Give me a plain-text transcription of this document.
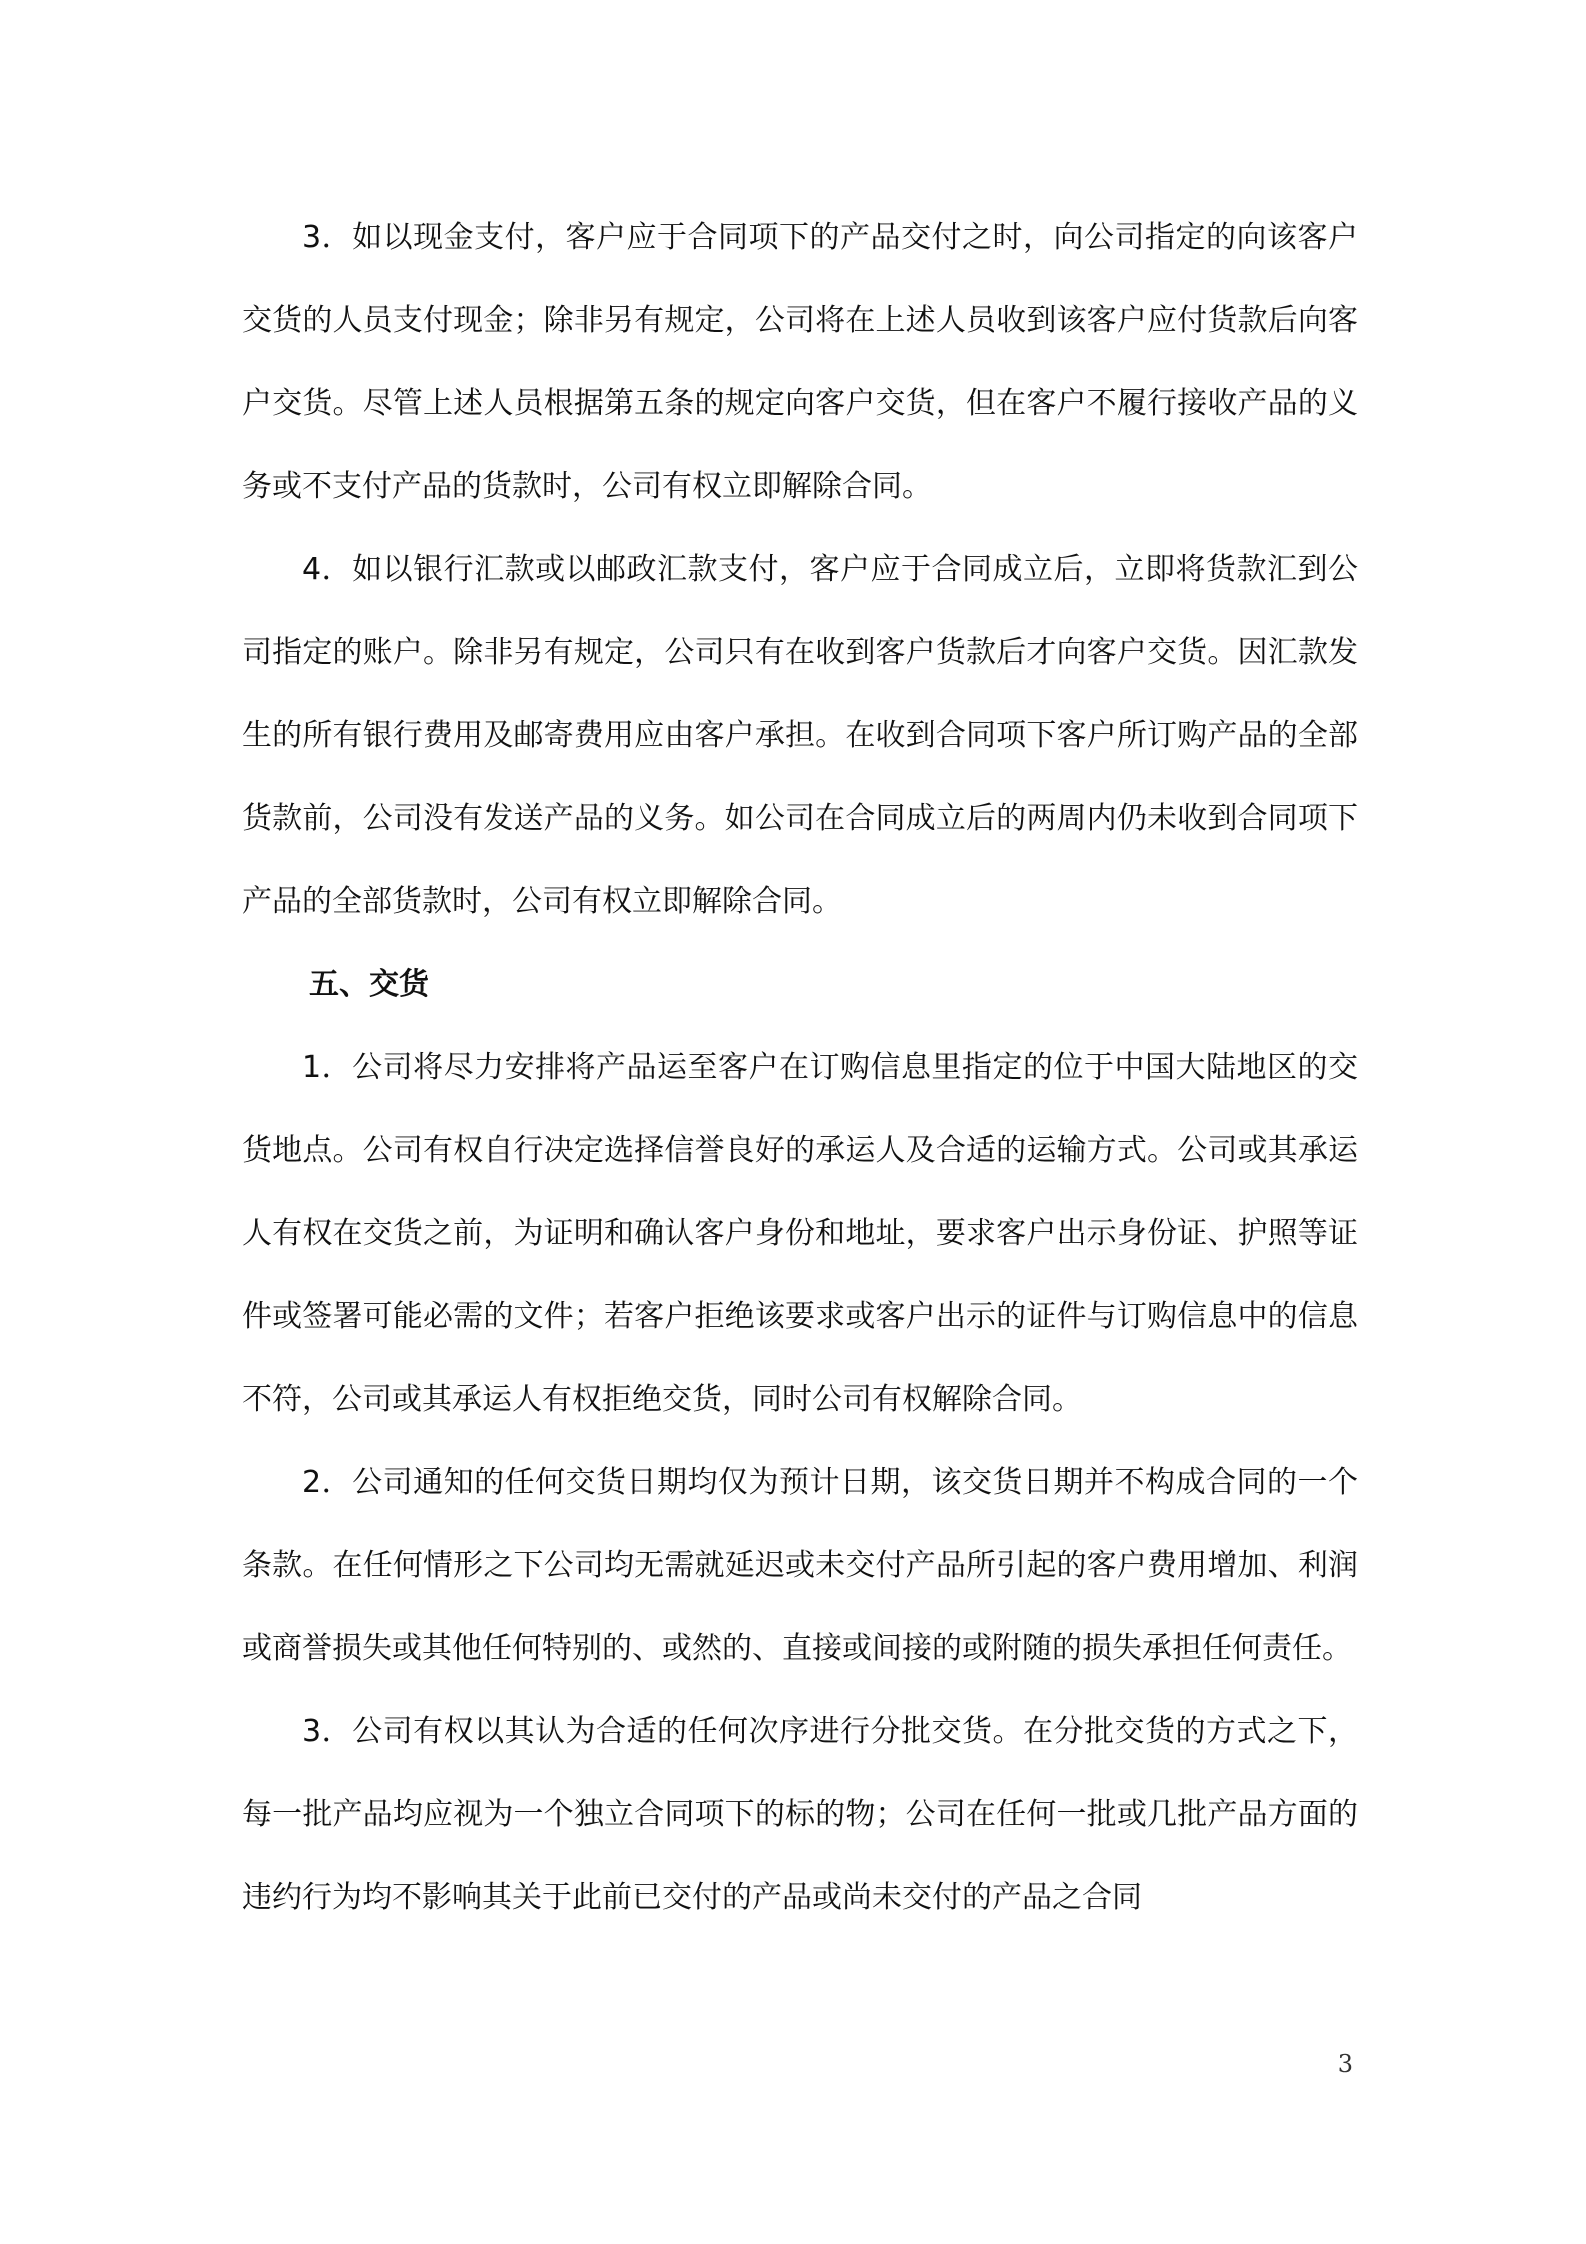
3．如以现金支付，客户应于合同项下的产品交付之时，向公司指定的向该客户交货的人员支付现金；除非另有规定，公司将在上述人员收到该客户应付货款后向客户交货。尽管上述人员根据第五条的规定向客户交货，但在客户不履行接收产品的义务或不支付产品的货款时，公司有权立即解除合同。

4．如以银行汇款或以邮政汇款支付，客户应于合同成立后，立即将货款汇到公司指定的账户。除非另有规定，公司只有在收到客户货款后才向客户交货。因汇款发生的所有银行费用及邮寄费用应由客户承担。在收到合同项下客户所订购产品的全部货款前，公司没有发送产品的义务。如公司在合同成立后的两周内仍未收到合同项下产品的全部货款时，公司有权立即解除合同。

五、交货

1．公司将尽力安排将产品运至客户在订购信息里指定的位于中国大陆地区的交货地点。公司有权自行决定选择信誉良好的承运人及合适的运输方式。公司或其承运人有权在交货之前，为证明和确认客户身份和地址，要求客户出示身份证、护照等证件或签署可能必需的文件；若客户拒绝该要求或客户出示的证件与订购信息中的信息不符，公司或其承运人有权拒绝交货，同时公司有权解除合同。

2．公司通知的任何交货日期均仅为预计日期，该交货日期并不构成合同的一个条款。在任何情形之下公司均无需就延迟或未交付产品所引起的客户费用增加、利润或商誉损失或其他任何特别的、或然的、直接或间接的或附随的损失承担任何责任。

3．公司有权以其认为合适的任何次序进行分批交货。在分批交货的方式之下，每一批产品均应视为一个独立合同项下的标的物；公司在任何一批或几批产品方面的违约行为均不影响其关于此前已交付的产品或尚未交付的产品之合同

3
